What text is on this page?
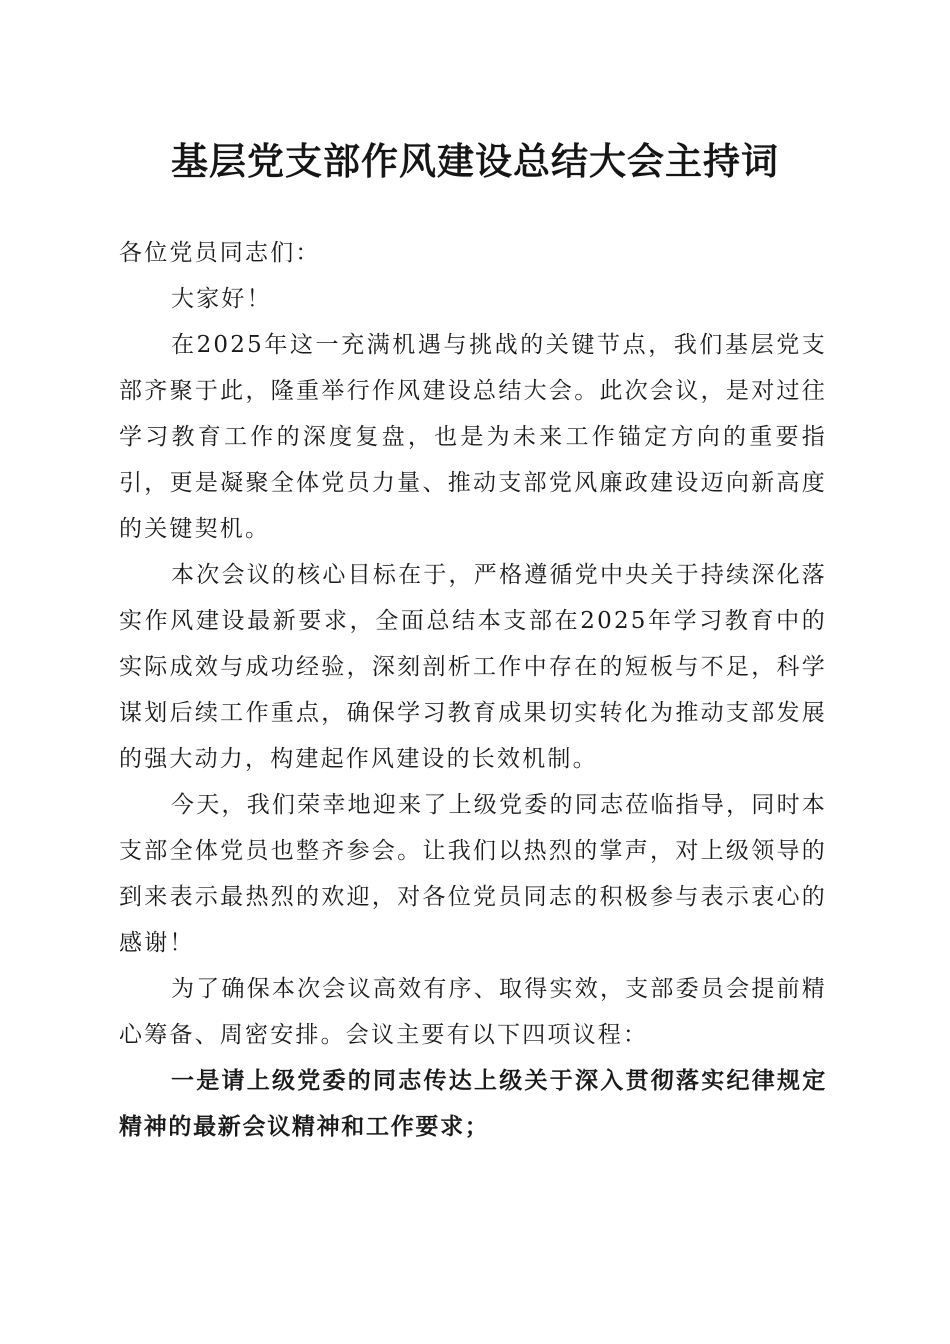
基层党支部作风建设总结大会主持词

各位党员同志们：

大家好！

在2025年这一充满机遇与挑战的关键节点，我们基层党支部齐聚于此，隆重举行作风建设总结大会。此次会议，是对过往学习教育工作的深度复盘，也是为未来工作锚定方向的重要指引，更是凝聚全体党员力量、推动支部党风廉政建设迈向新高度的关键契机。

本次会议的核心目标在于，严格遵循党中央关于持续深化落实作风建设最新要求，全面总结本支部在2025年学习教育中的实际成效与成功经验，深刻剖析工作中存在的短板与不足，科学谋划后续工作重点，确保学习教育成果切实转化为推动支部发展的强大动力，构建起作风建设的长效机制。

今天，我们荣幸地迎来了上级党委的同志莅临指导，同时本支部全体党员也整齐参会。让我们以热烈的掌声，对上级领导的到来表示最热烈的欢迎，对各位党员同志的积极参与表示衷心的感谢！

为了确保本次会议高效有序、取得实效，支部委员会提前精心筹备、周密安排。会议主要有以下四项议程：

一是请上级党委的同志传达上级关于深入贯彻落实纪律规定精神的最新会议精神和工作要求；
